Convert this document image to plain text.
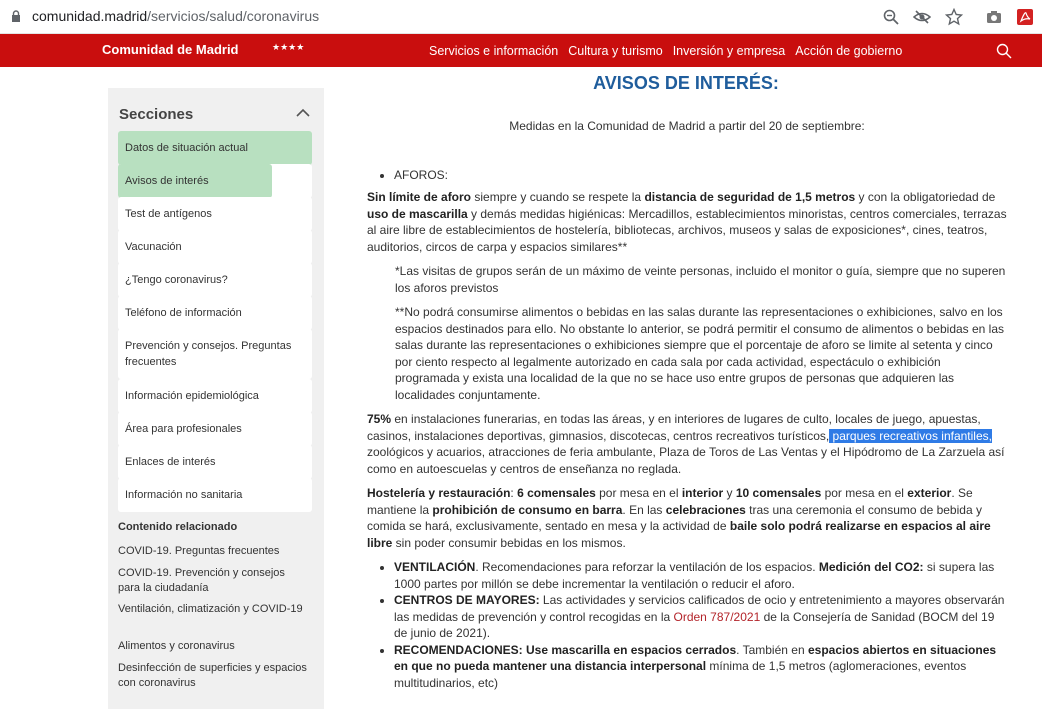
comunidad.madrid/servicios/salud/coronavirus
Comunidad de Madrid	★★★★	Servicios e información Cultura y turismo Inversión y empresa Acción de gobierno
AVISOS DE INTERÉS:
Secciones
Datos de situación actual
Avisos de interés
Test de antígenos
Vacunación
¿Tengo coronavirus?
Teléfono de información
Prevención y consejos. Preguntas frecuentes
Información epidemiológica
Área para profesionales
Enlaces de interés
Información no sanitaria
Contenido relacionado
COVID-19. Preguntas frecuentes
COVID-19. Prevención y consejos para la ciudadanía
Ventilación, climatización y COVID-19
Alimentos y coronavirus
Desinfección de superficies y espacios con coronavirus

Medidas en la Comunidad de Madrid a partir del 20 de septiembre:

• AFOROS:

Sin límite de aforo siempre y cuando se respete la distancia de seguridad de 1,5 metros y con la obligatoriedad de uso de mascarilla y demás medidas higiénicas: Mercadillos, establecimientos minoristas, centros comerciales, terrazas al aire libre de establecimientos de hostelería, bibliotecas, archivos, museos y salas de exposiciones*, cines, teatros, auditorios, circos de carpa y espacios similares**

*Las visitas de grupos serán de un máximo de veinte personas, incluido el monitor o guía, siempre que no superen los aforos previstos

**No podrá consumirse alimentos o bebidas en las salas durante las representaciones o exhibiciones, salvo en los espacios destinados para ello. No obstante lo anterior, se podrá permitir el consumo de alimentos o bebidas en las salas durante las representaciones o exhibiciones siempre que el porcentaje de aforo se limite al setenta y cinco por ciento respecto al legalmente autorizado en cada sala por cada actividad, espectáculo o exhibición programada y exista una localidad de la que no se hace uso entre grupos de personas que adquieren las localidades conjuntamente.

75% en instalaciones funerarias, en todas las áreas, y en interiores de lugares de culto, locales de juego, apuestas, casinos, instalaciones deportivas, gimnasios, discotecas, centros recreativos turísticos, parques recreativos infantiles, zoológicos y acuarios, atracciones de feria ambulante, Plaza de Toros de Las Ventas y el Hipódromo de La Zarzuela así como en autoescuelas y centros de enseñanza no reglada.

Hostelería y restauración: 6 comensales por mesa en el interior y 10 comensales por mesa en el exterior. Se mantiene la prohibición de consumo en barra. En las celebraciones tras una ceremonia el consumo de bebida y comida se hará, exclusivamente, sentado en mesa y la actividad de baile solo podrá realizarse en espacios al aire libre sin poder consumir bebidas en los mismos.

• VENTILACIÓN. Recomendaciones para reforzar la ventilación de los espacios. Medición del CO2: si supera las 1000 partes por millón se debe incrementar la ventilación o reducir el aforo.
• CENTROS DE MAYORES: Las actividades y servicios calificados de ocio y entretenimiento a mayores observarán las medidas de prevención y control recogidas en la Orden 787/2021 de la Consejería de Sanidad (BOCM del 19 de junio de 2021).
• RECOMENDACIONES: Use mascarilla en espacios cerrados. También en espacios abiertos en situaciones en que no pueda mantener una distancia interpersonal mínima de 1,5 metros (aglomeraciones, eventos multitudinarios, etc)
